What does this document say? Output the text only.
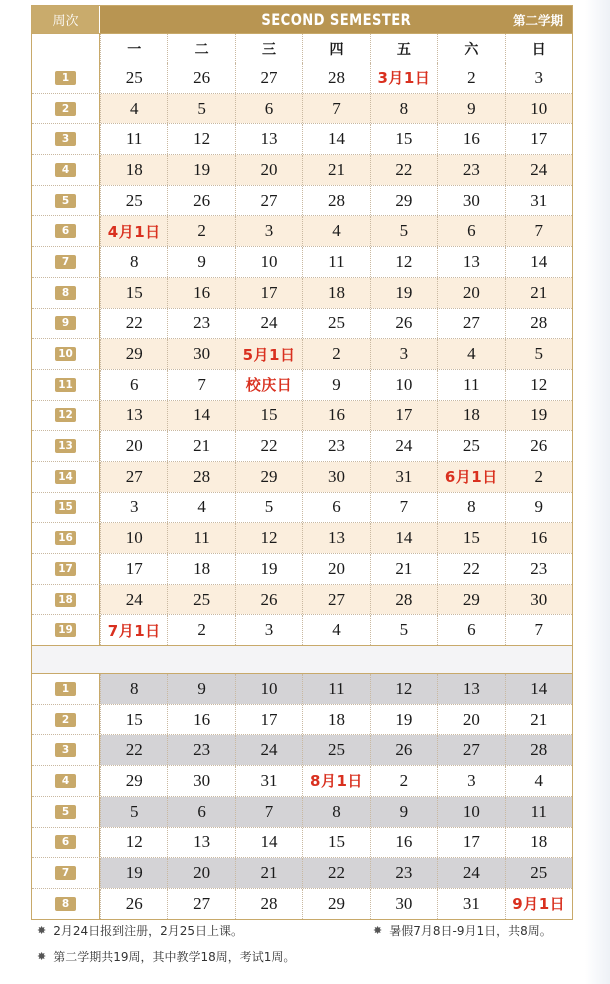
周次	SECOND SEMESTER	第二学期
一	二	三	四	五	六	日
1	25	26	27	28	3月1日	2	3
2	4	5	6	7	8	9	10
3	11	12	13	14	15	16	17
4	18	19	20	21	22	23	24
5	25	26	27	28	29	30	31
6	4月1日	2	3	4	5	6	7
7	8	9	10	11	12	13	14
8	15	16	17	18	19	20	21
9	22	23	24	25	26	27	28
10	29	30	5月1日	2	3	4	5
11	6	7	校庆日	9	10	11	12
12	13	14	15	16	17	18	19
13	20	21	22	23	24	25	26
14	27	28	29	30	31	6月1日	2
15	3	4	5	6	7	8	9
16	10	11	12	13	14	15	16
17	17	18	19	20	21	22	23
18	24	25	26	27	28	29	30
19	7月1日	2	3	4	5	6	7
1	8	9	10	11	12	13	14
2	15	16	17	18	19	20	21
3	22	23	24	25	26	27	28
4	29	30	31	8月1日	2	3	4
5	5	6	7	8	9	10	11
6	12	13	14	15	16	17	18
7	19	20	21	22	23	24	25
8	26	27	28	29	30	31	9月1日
✸ 2月24日报到注册，2月25日上课。	✸ 暑假7月8日-9月1日，共8周。
✸ 第二学期共19周，其中教学18周，考试1周。
